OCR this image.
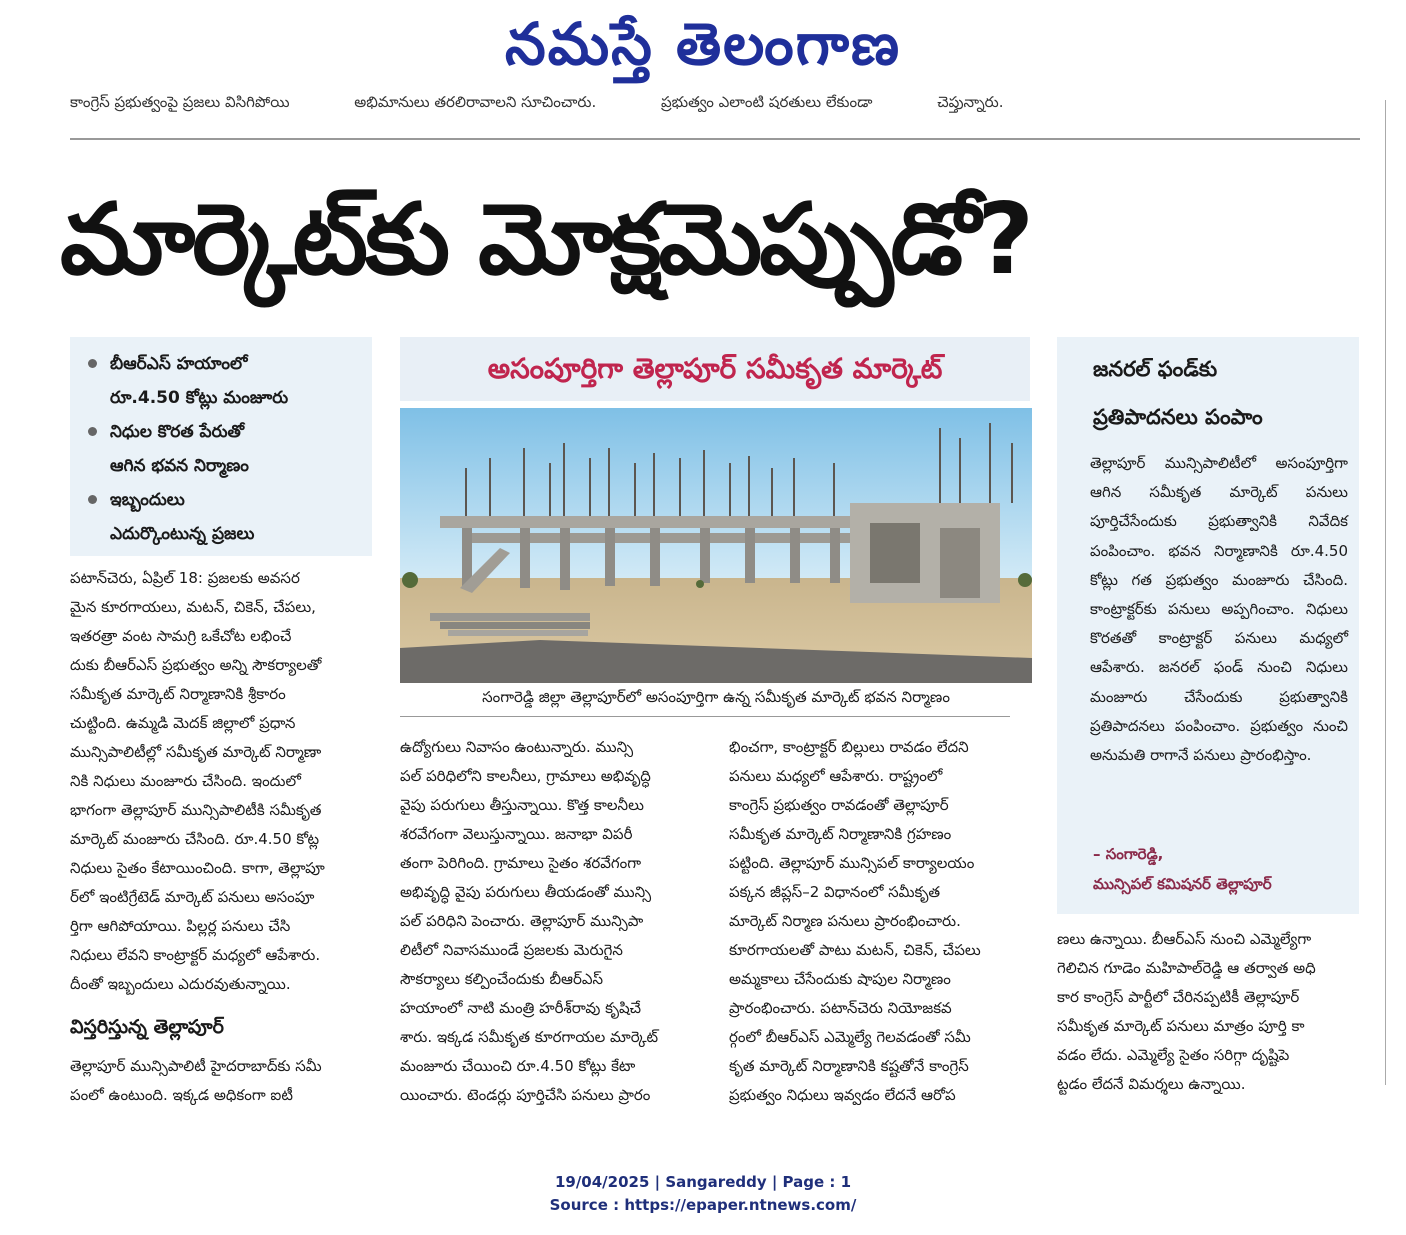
నమస్తే తెలంగాణ
కాంగ్రెస్ ప్రభుత్వంపై ప్రజలు విసిగిపోయి	అభిమానులు తరలిరావాలని సూచించారు.	ప్రభుత్వం ఎలాంటి షరతులు లేకుండా	చెప్తున్నారు.
మార్కెట్‌కు మోక్షమెప్పుడో?
బీఆర్ఎస్ హయాంలో
రూ.4.50 కోట్లు మంజూరు
నిధుల కొరత పేరుతో
ఆగిన భవన నిర్మాణం
ఇబ్బందులు
ఎదుర్కొంటున్న ప్రజలు
అసంపూర్తిగా తెల్లాపూర్ సమీకృత మార్కెట్
సంగారెడ్డి జిల్లా తెల్లాపూర్‌లో అసంపూర్తిగా ఉన్న సమీకృత మార్కెట్ భవన నిర్మాణం
పటాన్‌చెరు, ఏప్రిల్ 18: ప్రజలకు అవసర
మైన కూరగాయలు, మటన్, చికెన్, చేపలు,
ఇతరత్రా వంట సామగ్రి ఒకేచోట లభించే
దుకు బీఆర్ఎస్ ప్రభుత్వం అన్ని సౌకర్యాలతో
సమీకృత మార్కెట్ నిర్మాణానికి శ్రీకారం
చుట్టింది. ఉమ్మడి మెదక్ జిల్లాలో ప్రధాన
మున్సిపాలిటీల్లో సమీకృత మార్కెట్ నిర్మాణా
నికి నిధులు మంజూరు చేసింది. ఇందులో
భాగంగా తెల్లాపూర్ మున్సిపాలిటీకి సమీకృత
మార్కెట్ మంజూరు చేసింది. రూ.4.50 కోట్ల
నిధులు సైతం కేటాయించింది. కాగా, తెల్లాపూ
ర్‌లో ఇంటిగ్రేటెడ్ మార్కెట్ పనులు అసంపూ
ర్తిగా ఆగిపోయాయి. పిల్లర్ల పనులు చేసి
నిధులు లేవని కాంట్రాక్టర్ మధ్యలో ఆపేశారు.
దీంతో ఇబ్బందులు ఎదురవుతున్నాయి.
విస్తరిస్తున్న తెల్లాపూర్
తెల్లాపూర్ మున్సిపాలిటీ హైదరాబాద్‌కు సమీ
పంలో ఉంటుంది. ఇక్కడ అధికంగా ఐటీ
ఉద్యోగులు నివాసం ఉంటున్నారు. మున్సి
పల్ పరిధిలోని కాలనీలు, గ్రామాలు అభివృద్ధి
వైపు పరుగులు తీస్తున్నాయి. కొత్త కాలనీలు
శరవేగంగా వెలుస్తున్నాయి. జనాభా విపరీ
తంగా పెరిగింది. గ్రామాలు సైతం శరవేగంగా
అభివృద్ధి వైపు పరుగులు తీయడంతో మున్సి
పల్ పరిధిని పెంచారు. తెల్లాపూర్ మున్సిపా
లిటీలో నివాసముండే ప్రజలకు మెరుగైన
సౌకర్యాలు కల్పించేందుకు బీఆర్ఎస్
హయాంలో నాటి మంత్రి హరీశ్‌రావు కృషిచే
శారు. ఇక్కడ సమీకృత కూరగాయల మార్కెట్
మంజూరు చేయించి రూ.4.50 కోట్లు కేటా
యించారు. టెండర్లు పూర్తిచేసి పనులు ప్రారం
భించగా, కాంట్రాక్టర్ బిల్లులు రావడం లేదని
పనులు మధ్యలో ఆపేశారు. రాష్ట్రంలో
కాంగ్రెస్ ప్రభుత్వం రావడంతో తెల్లాపూర్
సమీకృత మార్కెట్ నిర్మాణానికి గ్రహణం
పట్టింది. తెల్లాపూర్ మున్సిపల్ కార్యాలయం
పక్కన జీప్లస్–2 విధానంలో సమీకృత
మార్కెట్ నిర్మాణ పనులు ప్రారంభించారు.
కూరగాయలతో పాటు మటన్, చికెన్, చేపలు
అమ్మకాలు చేసేందుకు షాపుల నిర్మాణం
ప్రారంభించారు. పటాన్‌చెరు నియోజకవ
ర్గంలో బీఆర్ఎస్ ఎమ్మెల్యే గెలవడంతో సమీ
కృత మార్కెట్ నిర్మాణానికి కష్టతోనే కాంగ్రెస్
ప్రభుత్వం నిధులు ఇవ్వడం లేదనే ఆరోప
జనరల్ ఫండ్‌కు
ప్రతిపాదనలు పంపాం
తెల్లాపూర్ మున్సిపాలిటీలో అసంపూర్తిగా ఆగిన సమీకృత మార్కెట్ పనులు పూర్తిచేసేందుకు ప్రభుత్వానికి నివేదిక పంపించాం. భవన నిర్మాణానికి రూ.4.50 కోట్లు గత ప్రభుత్వం మంజూరు చేసింది. కాంట్రాక్టర్‌కు పనులు అప్పగించాం. నిధులు కొరతతో కాంట్రాక్టర్ పనులు మధ్యలో ఆపేశారు. జనరల్ ఫండ్ నుంచి నిధులు మంజూరు చేసేందుకు ప్రభుత్వానికి ప్రతిపాదనలు పంపించాం. ప్రభుత్వం నుంచి అనుమతి రాగానే పనులు ప్రారంభిస్తాం.
– సంగారెడ్డి,
మున్సిపల్ కమిషనర్ తెల్లాపూర్
ణలు ఉన్నాయి. బీఆర్ఎస్ నుంచి ఎమ్మెల్యేగా
గెలిచిన గూడెం మహిపాల్‌రెడ్డి ఆ తర్వాత అధి
కార కాంగ్రెస్ పార్టీలో చేరినప్పటికీ తెల్లాపూర్
సమీకృత మార్కెట్ పనులు మాత్రం పూర్తి కా
వడం లేదు. ఎమ్మెల్యే సైతం సరిగ్గా దృష్టిపె
ట్టడం లేదనే విమర్శలు ఉన్నాయి.
19/04/2025 | Sangareddy | Page : 1
Source : https://epaper.ntnews.com/
